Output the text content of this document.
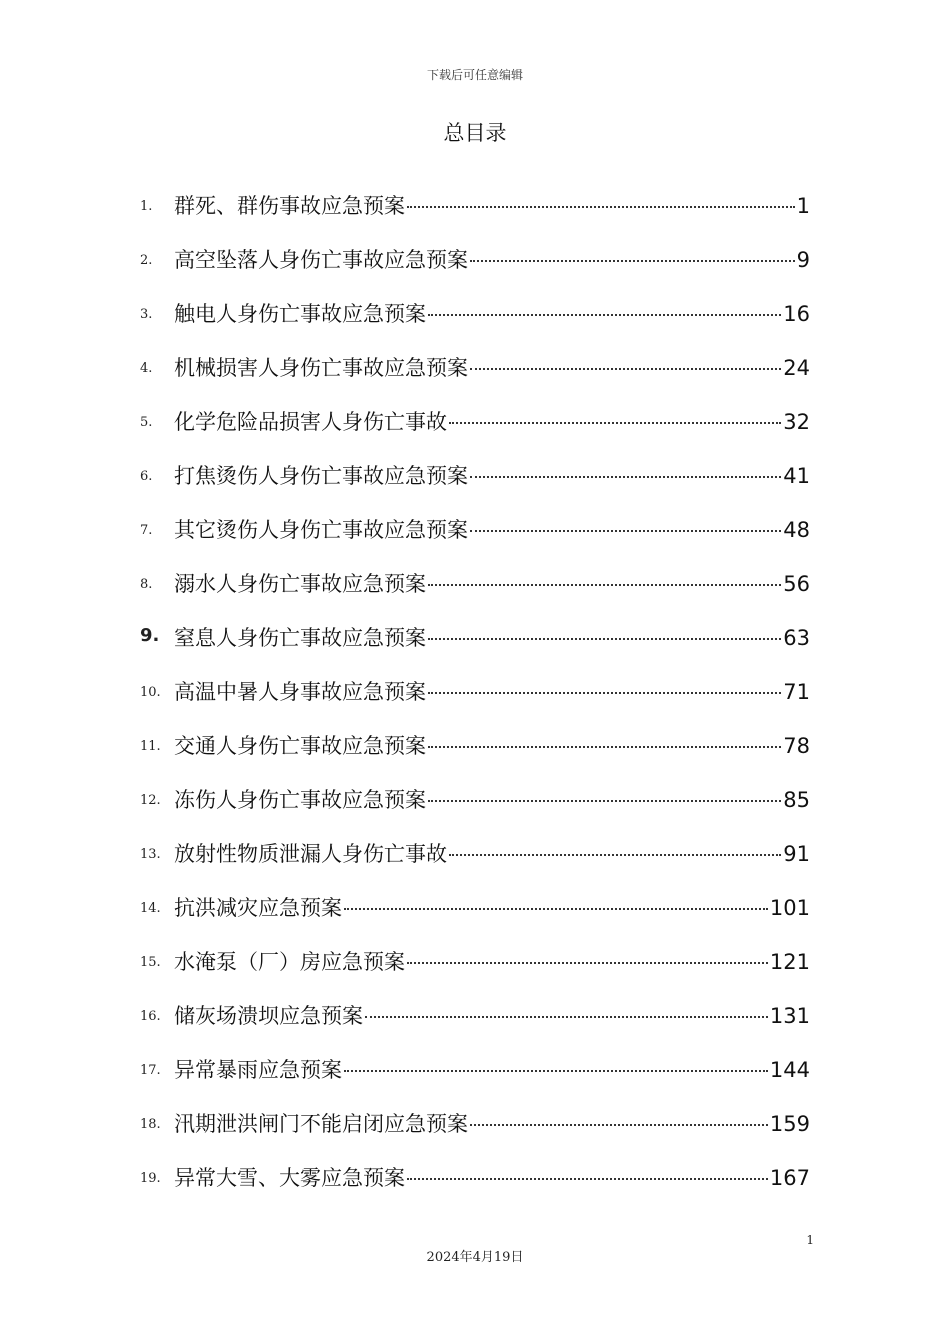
下载后可任意编辑
总目录
1.	群死、群伤事故应急预案	1
2.	高空坠落人身伤亡事故应急预案	9
3.	触电人身伤亡事故应急预案	16
4.	机械损害人身伤亡事故应急预案	24
5.	化学危险品损害人身伤亡事故	32
6.	打焦烫伤人身伤亡事故应急预案	41
7.	其它烫伤人身伤亡事故应急预案	48
8.	溺水人身伤亡事故应急预案	56
9. 窒息人身伤亡事故应急预案	63
10. 高温中暑人身事故应急预案	71
11. 交通人身伤亡事故应急预案	78
12. 冻伤人身伤亡事故应急预案	85
13. 放射性物质泄漏人身伤亡事故	91
14. 抗洪减灾应急预案	101
15. 水淹泵（厂）房应急预案	121
16. 储灰场溃坝应急预案	131
17. 异常暴雨应急预案	144
18. 汛期泄洪闸门不能启闭应急预案	159
19. 异常大雪、大雾应急预案	167
1
2024年4月19日
